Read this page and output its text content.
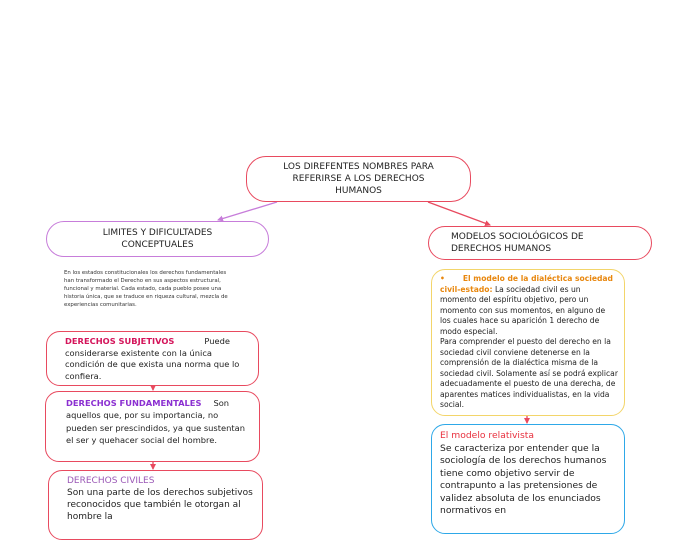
LOS DIREFENTES NOMBRES PARA REFERIRSE A LOS DERECHOS HUMANOS
LIMITES Y DIFICULTADES CONCEPTUALES
En los estados constitucionales los derechos fundamentales han transformado el Derecho en sus aspectos estructural, funcional y material. Cada estado, cada pueblo posee una historia única, que se traduce en riqueza cultural, mezcla de experiencias comunitarias.
DERECHOS SUBJETIVOS	Puede considerarse existente con la única condición de que exista una norma que lo confiera.
DERECHOS FUNDAMENTALES Son aquellos que, por su importancia, no pueden ser prescindidos, ya que sustentan el ser y quehacer social del hombre.
DERECHOS CIVILES
Son una parte de los derechos subjetivos reconocidos que también le otorgan al hombre la
MODELOS SOCIOLÓGICOS DE DERECHOS HUMANOS
• El modelo de la dialéctica sociedad civil-estado: La sociedad civil es un momento del espíritu objetivo, pero un momento con sus momentos, en alguno de los cuales hace su aparición 1 derecho de modo especial.
Para comprender el puesto del derecho en la sociedad civil conviene detenerse en la comprensión de la dialéctica misma de la sociedad civil. Solamente así se podrá explicar adecuadamente el puesto de una derecha, de aparentes matices individualistas, en la vida social.
El modelo relativista
Se caracteriza por entender que la sociología de los derechos humanos tiene como objetivo servir de contrapunto a las pretensiones de validez absoluta de los enunciados normativos en
